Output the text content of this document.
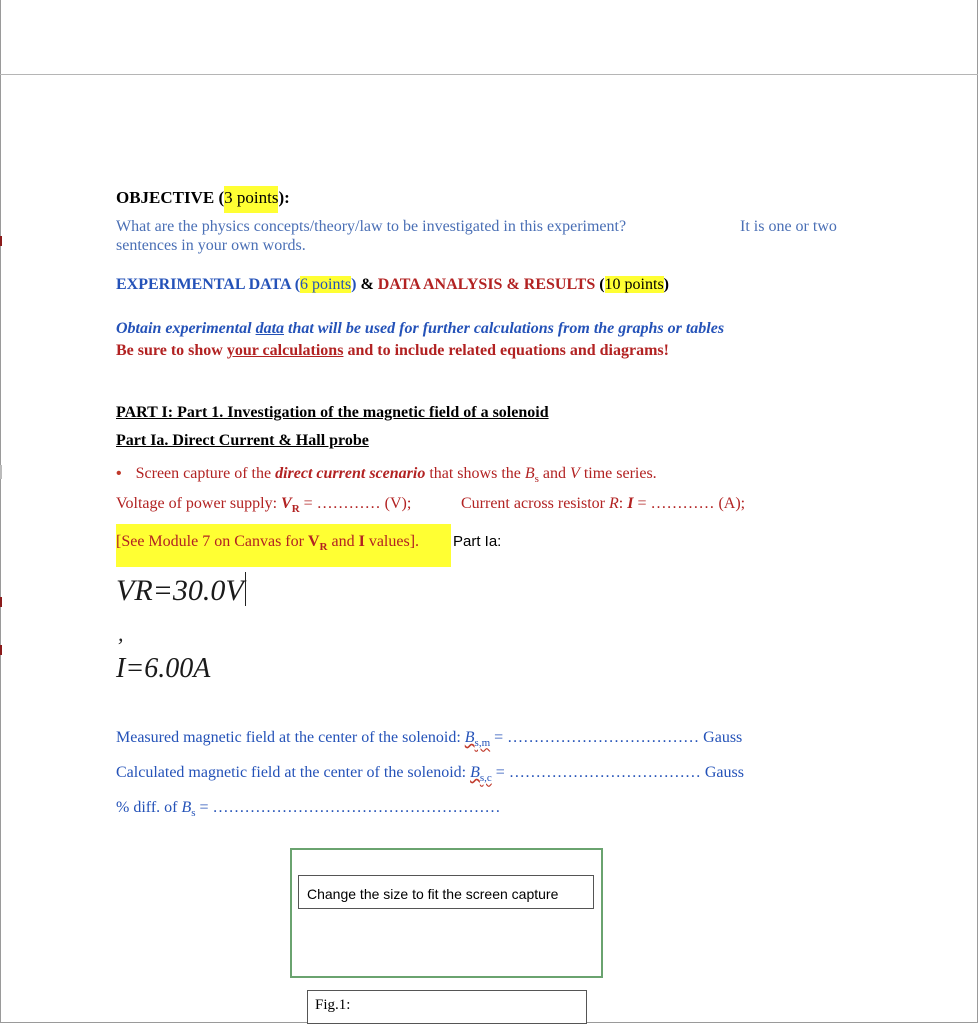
OBJECTIVE (3 points):
What are the physics concepts/theory/law to be investigated in this experiment?	It is one or two
sentences in your own words.
EXPERIMENTAL DATA (6 points) & DATA ANALYSIS & RESULTS (10 points)
Obtain experimental data that will be used for further calculations from the graphs or tables
Be sure to show your calculations and to include related equations and diagrams!
PART I: Part 1. Investigation of the magnetic field of a solenoid
Part Ia. Direct Current & Hall probe
• Screen capture of the direct current scenario that shows the $B_s$ and V time series.
Voltage of power supply: $V_R$ = ………… (V);	Current across resistor R: I = ………… (A);
[See Module 7 on Canvas for $V_R$ and I values].	Part Ia:
VR=30.0V
,
I=6.00A
Measured magnetic field at the center of the solenoid: $B_{s,m}$ = ……………………………… Gauss
Calculated magnetic field at the center of the solenoid: $B_{s,c}$ = ……………………………… Gauss
% diff. of $B_s$ = ………………………………………………
Change the size to fit the screen capture
Fig.1:
